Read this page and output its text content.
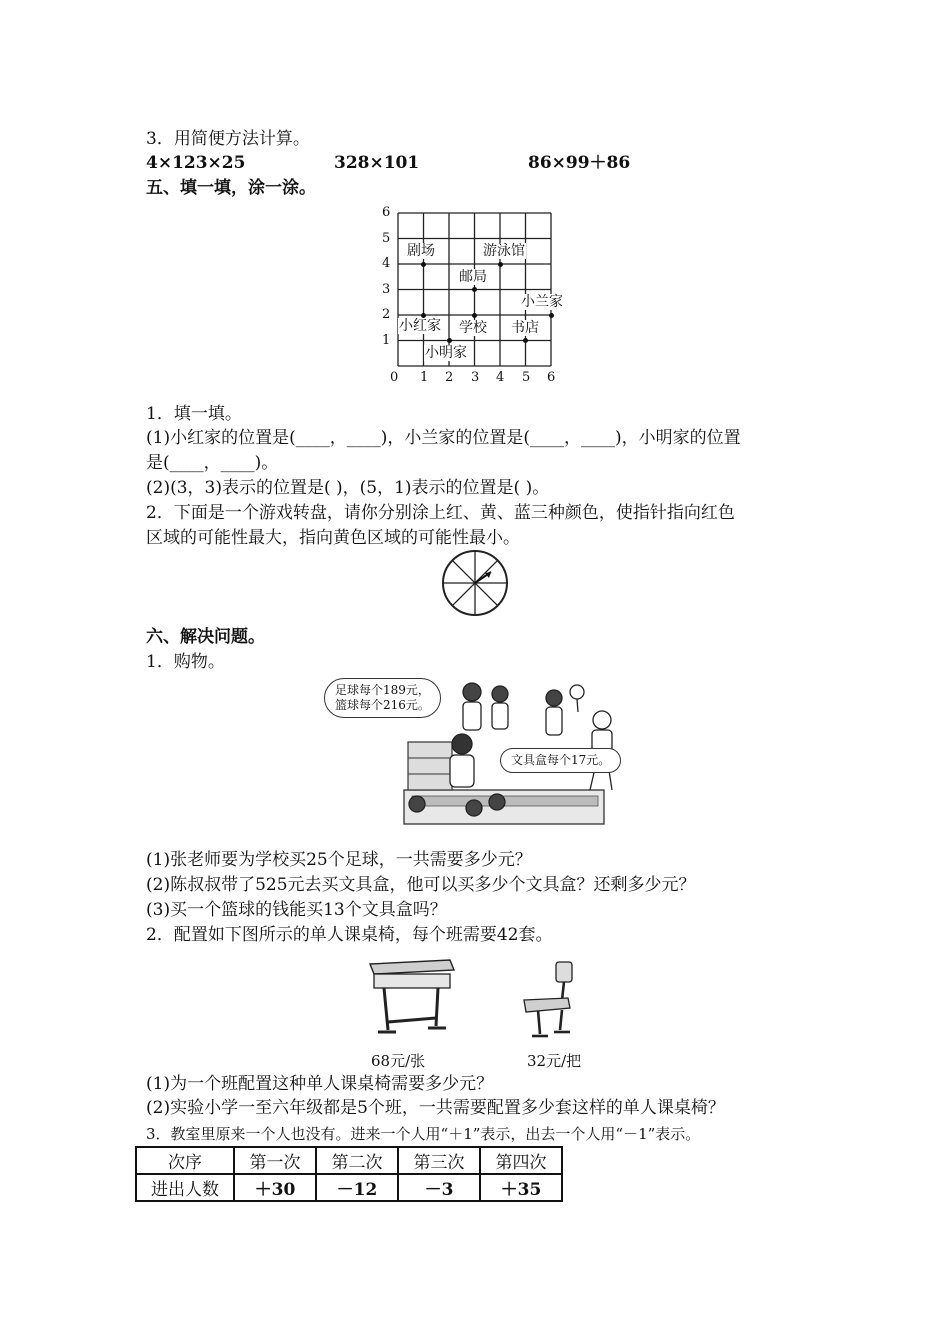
3．用简便方法计算。
4×123×25	328×101	86×99＋86
五、填一填，涂一涂。
6
5
4
3
2
1
0 1 2 3 4 5 6
剧场	游泳馆
邮局
小兰家
小红家 学校 书店
小明家
1．填一填。
(1)小红家的位置是(____，____)，小兰家的位置是(____，____)，小明家的位置
是(____，____)。
(2)(3，3)表示的位置是( )，(5，1)表示的位置是( )。
2．下面是一个游戏转盘，请你分别涂上红、黄、蓝三种颜色，使指针指向红色
区域的可能性最大，指向黄色区域的可能性最小。
六、解决问题。
1．购物。
足球每个189元，
篮球每个216元。
文具盒每个17元。
(1)张老师要为学校买25个足球，一共需要多少元？
(2)陈叔叔带了525元去买文具盒，他可以买多少个文具盒？还剩多少元？
(3)买一个篮球的钱能买13个文具盒吗？
2．配置如下图所示的单人课桌椅，每个班需要42套。
68元/张	32元/把
(1)为一个班配置这种单人课桌椅需要多少元？
(2)实验小学一至六年级都是5个班，一共需要配置多少套这样的单人课桌椅？
3．教室里原来一个人也没有。进来一个人用“＋1”表示，出去一个人用“－1”表示。
次序	第一次	第二次	第三次	第四次
进出人数	＋30	－12	－3	＋35
